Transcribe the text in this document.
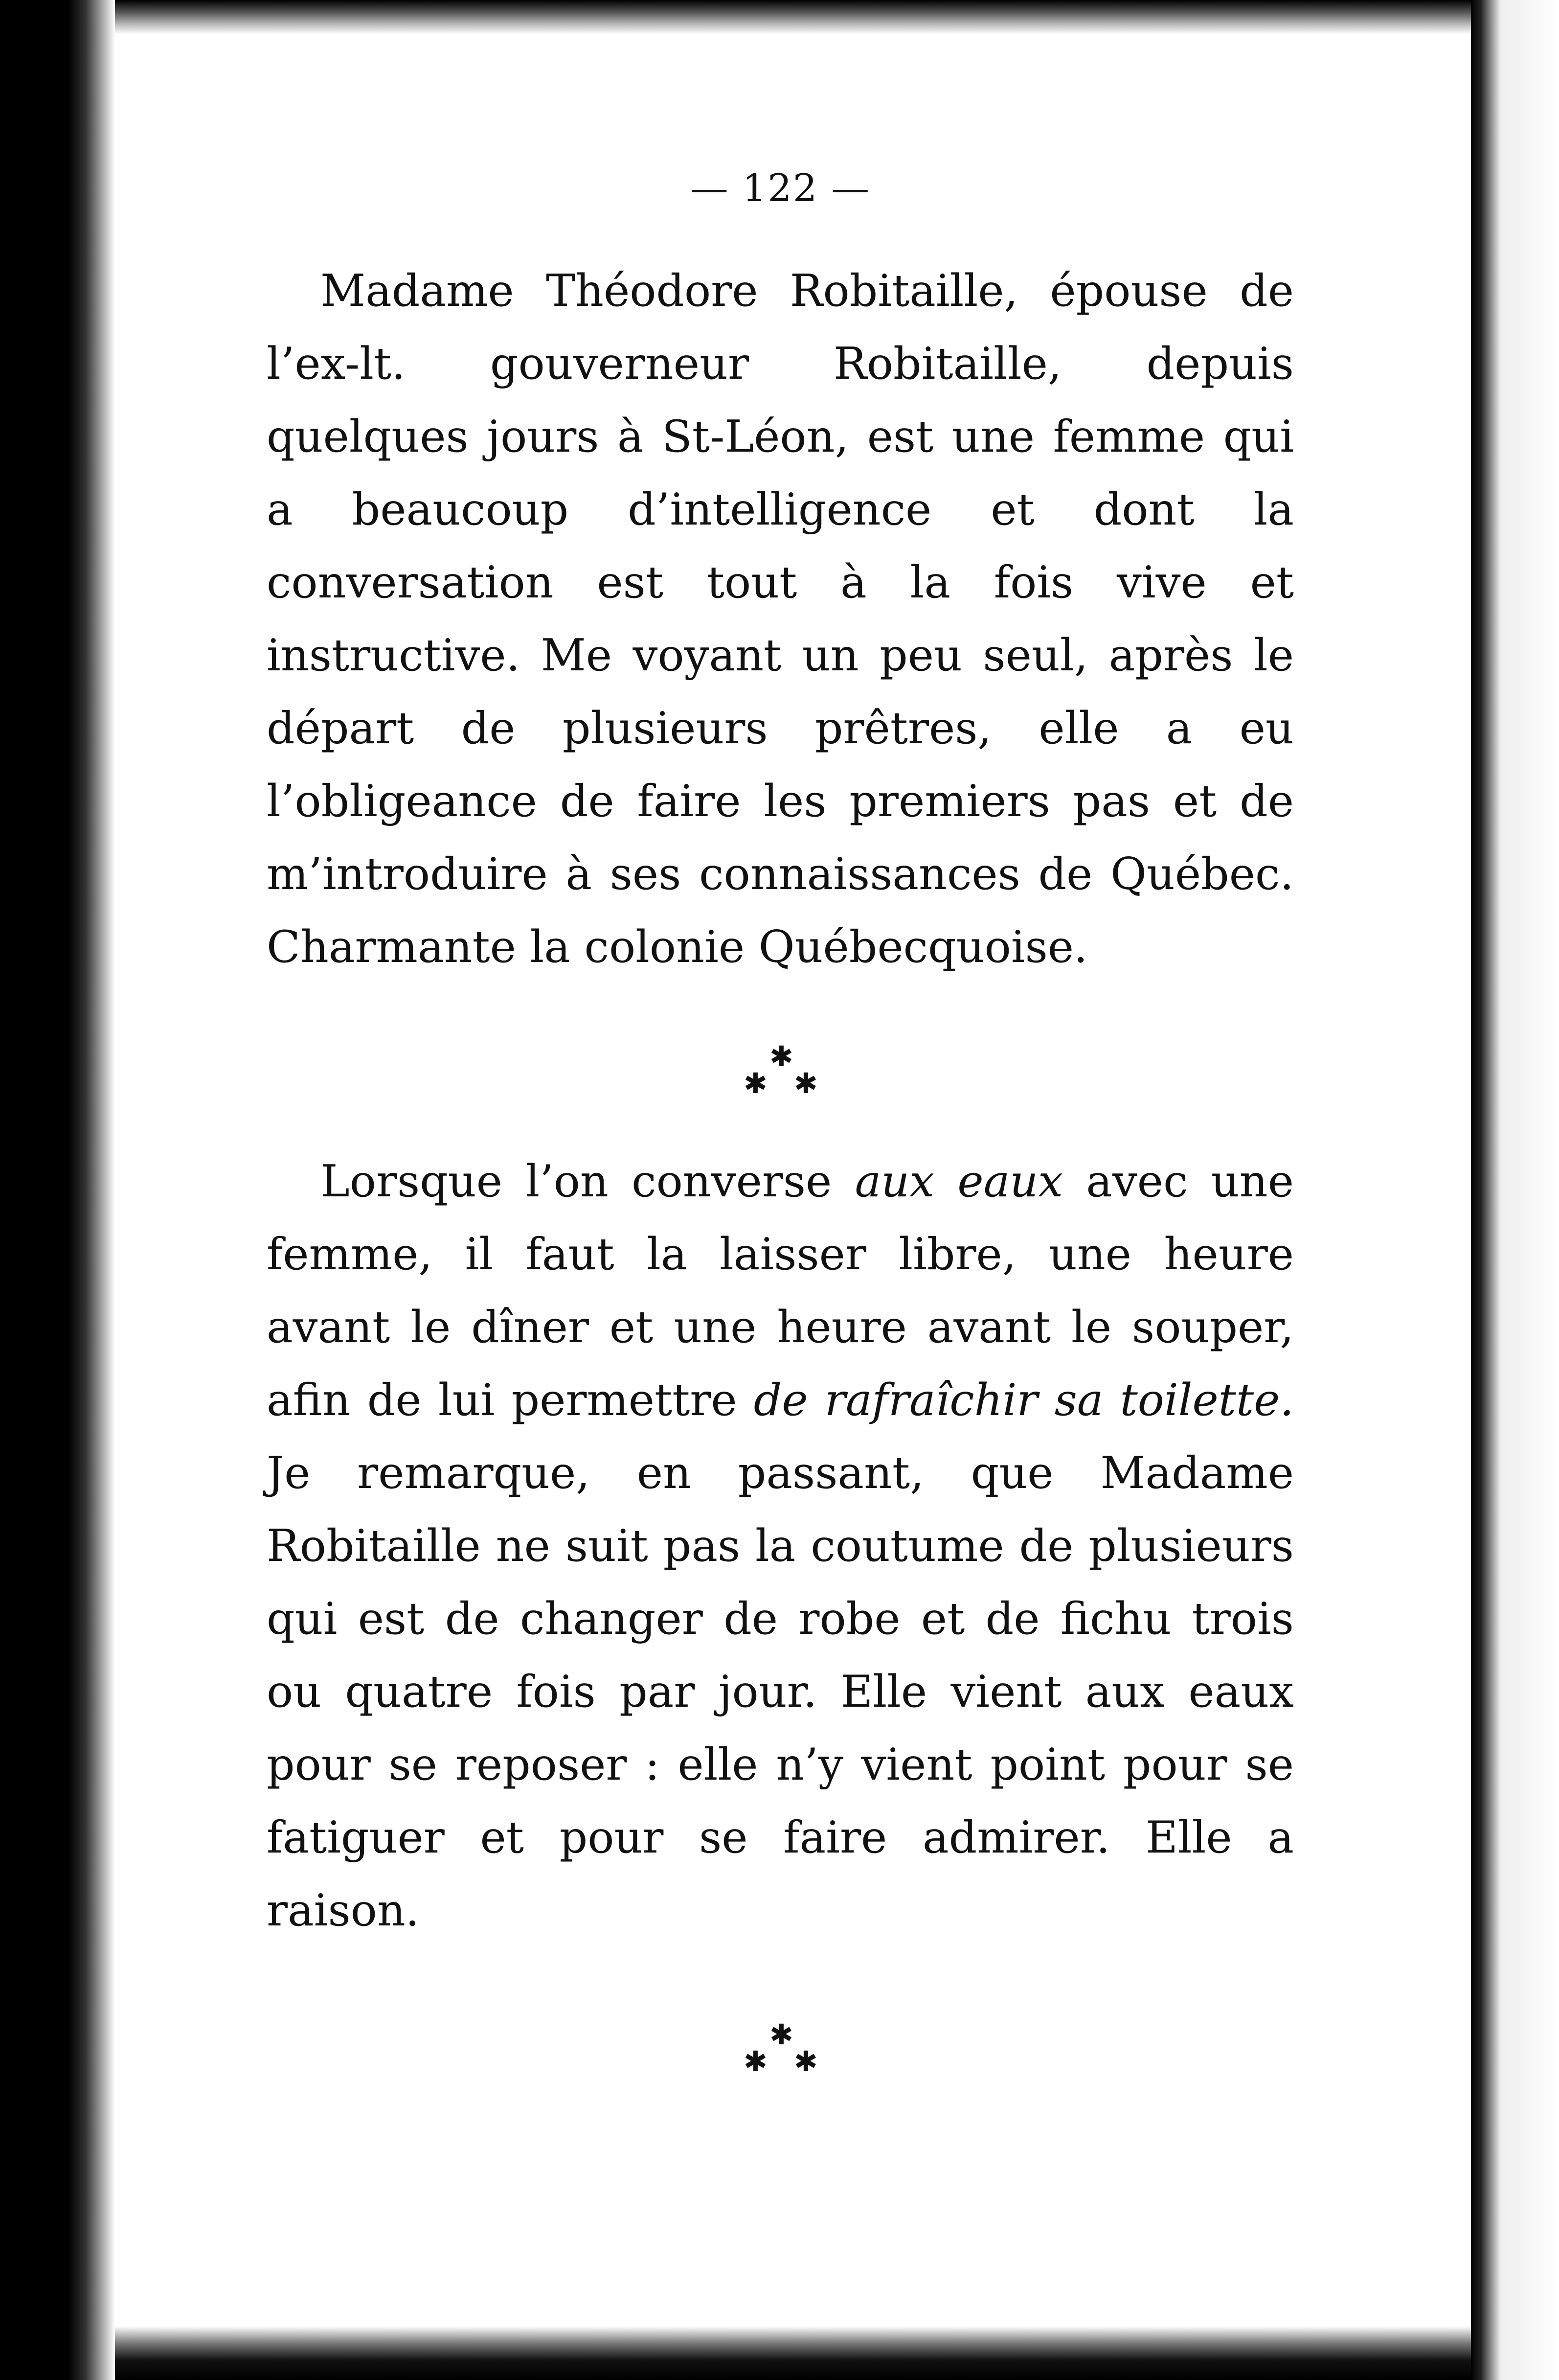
— 122 —

Madame Théodore Robitaille, épouse de l’ex-lt. gouverneur Robitaille, depuis quelques jours à St-Léon, est une femme qui a beaucoup d’intelligence et dont la conversation est tout à la fois vive et instructive. Me voyant un peu seul, après le départ de plusieurs prêtres, elle a eu l’obligeance de faire les premiers pas et de m’introduire à ses connaissances de Québec. Charmante la colonie Québecquoise.

✱
✱ ✱

Lorsque l’on converse aux eaux avec une femme, il faut la laisser libre, une heure avant le dîner et une heure avant le souper, afin de lui permettre de rafraîchir sa toilette. Je remarque, en passant, que Madame Robitaille ne suit pas la coutume de plusieurs qui est de changer de robe et de fichu trois ou quatre fois par jour. Elle vient aux eaux pour se reposer : elle n’y vient point pour se fatiguer et pour se faire admirer. Elle a raison.

✱
✱ ✱
